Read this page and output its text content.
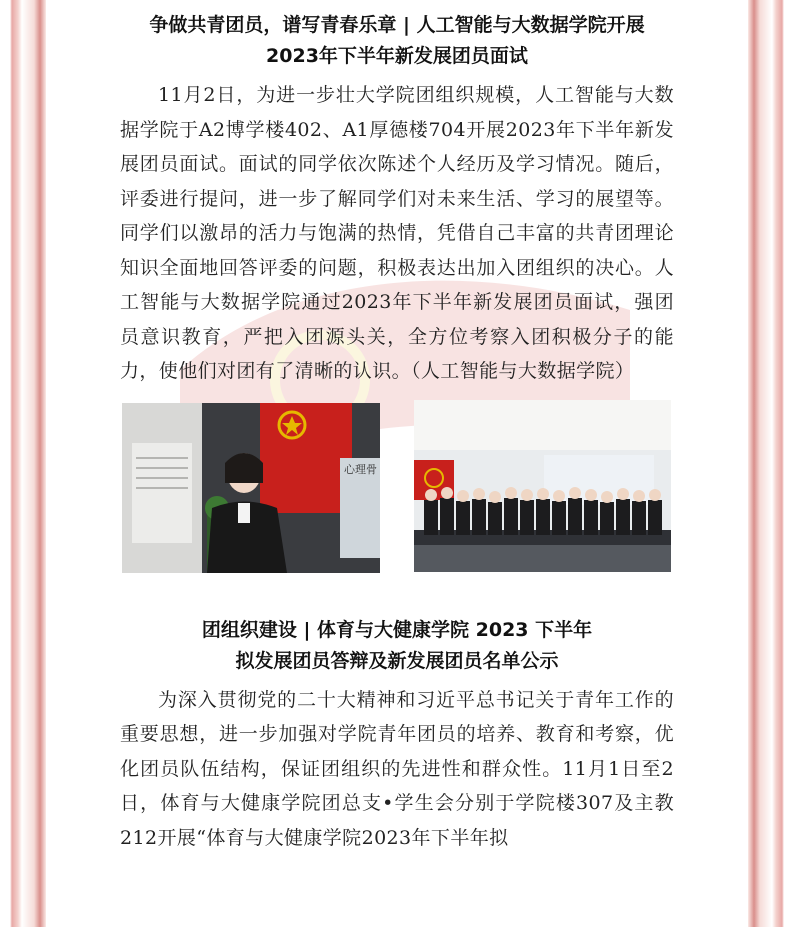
争做共青团员，谱写青春乐章 | 人工智能与大数据学院开展
2023年下半年新发展团员面试

11月2日，为进一步壮大学院团组织规模，人工智能与大数据学院于A2博学楼402、A1厚德楼704开展2023年下半年新发展团员面试。面试的同学依次陈述个人经历及学习情况。随后，评委进行提问，进一步了解同学们对未来生活、学习的展望等。同学们以激昂的活力与饱满的热情，凭借自己丰富的共青团理论知识全面地回答评委的问题，积极表达出加入团组织的决心。人工智能与大数据学院通过2023年下半年新发展团员面试，强团员意识教育，严把入团源头关，全方位考察入团积极分子的能力，使他们对团有了清晰的认识。（人工智能与大数据学院）

心理骨
团组织建设 | 体育与大健康学院 2023 下半年
拟发展团员答辩及新发展团员名单公示

为深入贯彻党的二十大精神和习近平总书记关于青年工作的重要思想，进一步加强对学院青年团员的培养、教育和考察，优化团员队伍结构，保证团组织的先进性和群众性。11月1日至2日，体育与大健康学院团总支•学生会分别于学院楼307及主教212开展“体育与大健康学院2023年下半年拟
